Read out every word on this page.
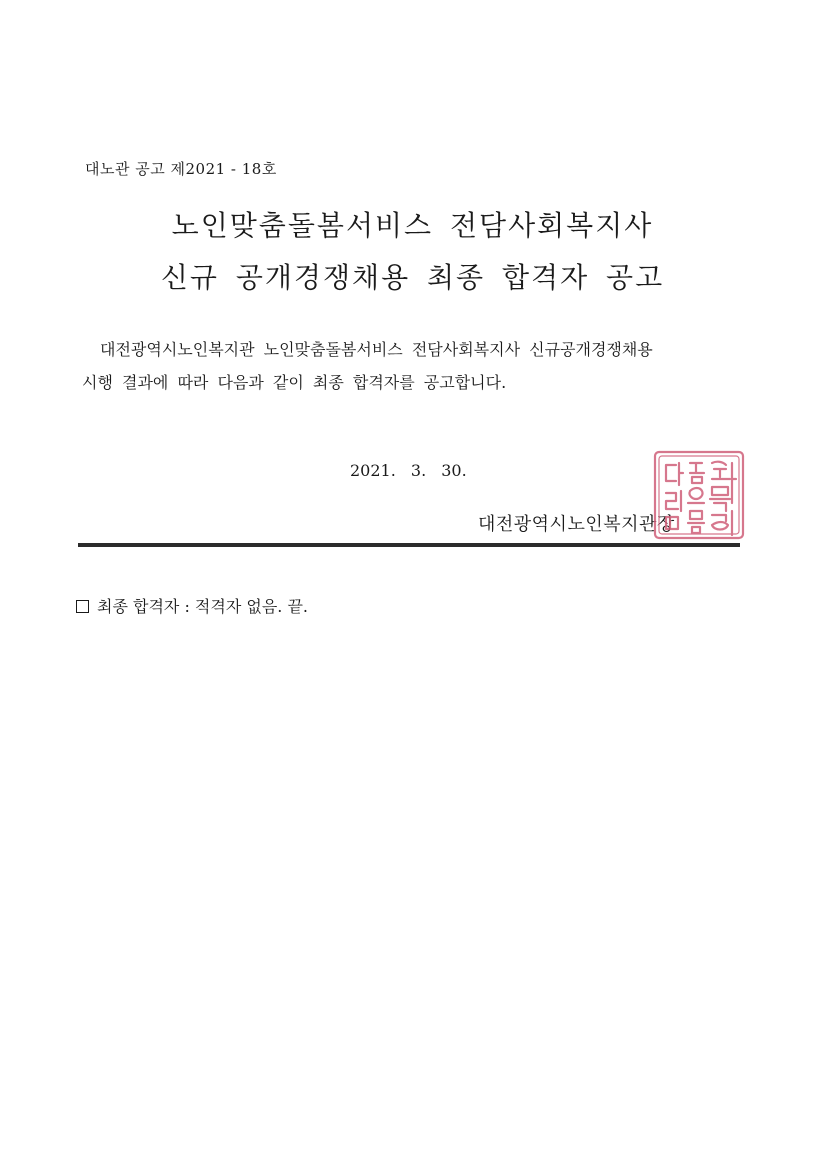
대노관 공고 제2021 - 18호
노인맞춤돌봄서비스 전담사회복지사
신규 공개경쟁채용 최종 합격자 공고
대전광역시노인복지관 노인맞춤돌봄서비스 전담사회복지사 신규공개경쟁채용
시행 결과에 따라 다음과 같이 최종 합격자를 공고합니다.
2021. 3. 30.
대전광역시노인복지관장
최종 합격자 : 적격자 없음. 끝.
